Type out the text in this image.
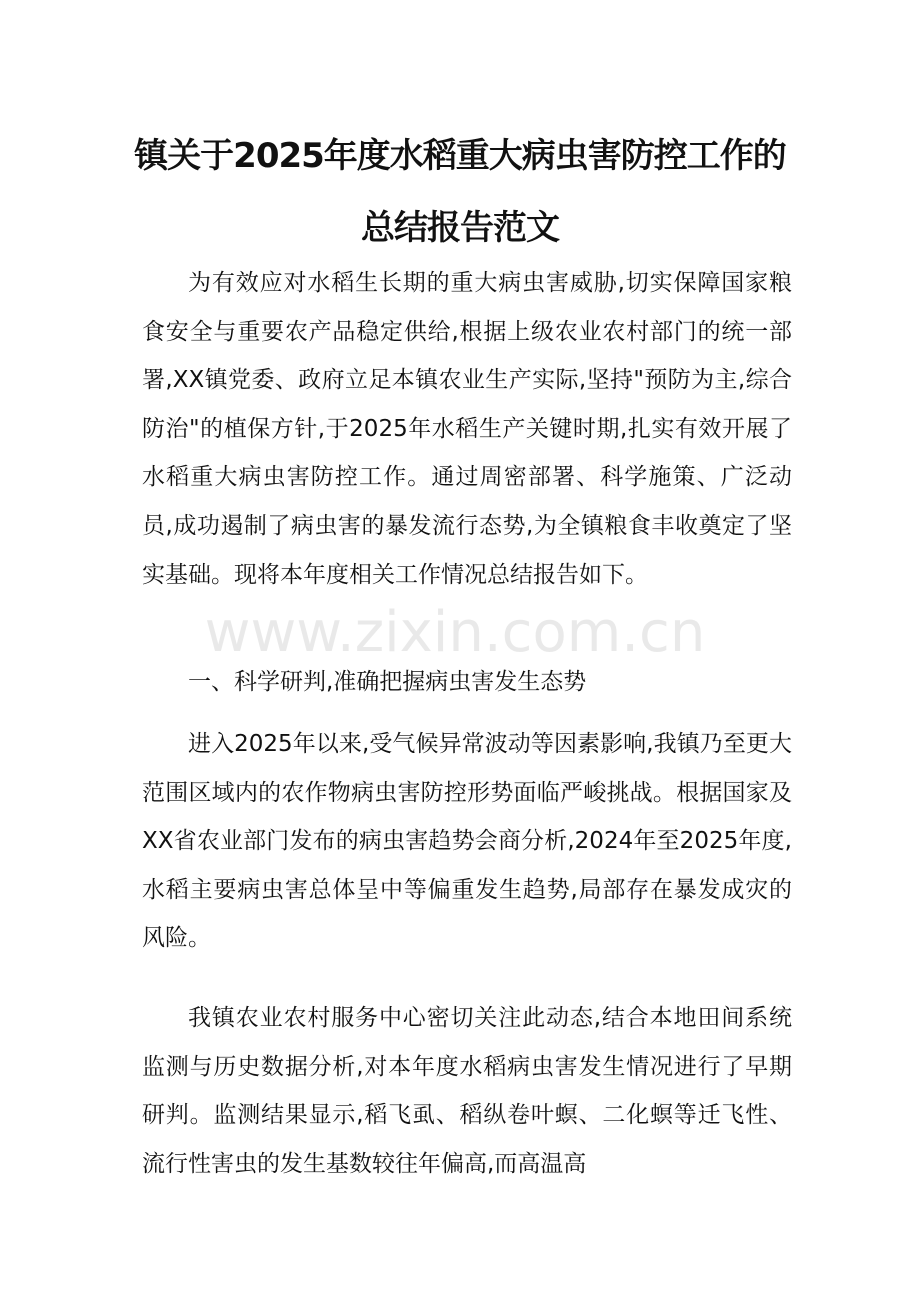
镇关于2025年度水稻重大病虫害防控工作的
总结报告范文
为有效应对水稻生长期的重大病虫害威胁,切实保障国家粮食安全与重要农产品稳定供给,根据上级农业农村部门的统一部署,XX镇党委、政府立足本镇农业生产实际,坚持"预防为主,综合防治"的植保方针,于2025年水稻生产关键时期,扎实有效开展了水稻重大病虫害防控工作。通过周密部署、科学施策、广泛动员,成功遏制了病虫害的暴发流行态势,为全镇粮食丰收奠定了坚实基础。现将本年度相关工作情况总结报告如下。
一、科学研判,准确把握病虫害发生态势
进入2025年以来,受气候异常波动等因素影响,我镇乃至更大范围区域内的农作物病虫害防控形势面临严峻挑战。根据国家及XX省农业部门发布的病虫害趋势会商分析,2024年至2025年度,水稻主要病虫害总体呈中等偏重发生趋势,局部存在暴发成灾的风险。
我镇农业农村服务中心密切关注此动态,结合本地田间系统监测与历史数据分析,对本年度水稻病虫害发生情况进行了早期研判。监测结果显示,稻飞虱、稻纵卷叶螟、二化螟等迁飞性、流行性害虫的发生基数较往年偏高,而高温高
www.zixin.com.cn
